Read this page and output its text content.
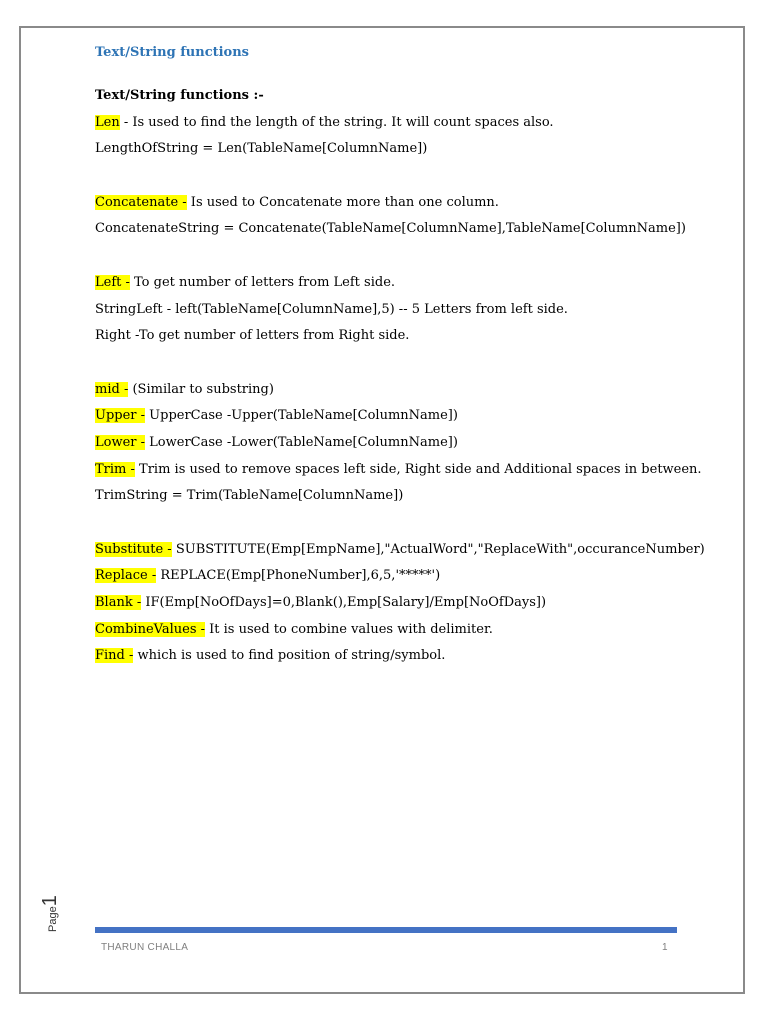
Text/String functions
Text/String functions :-
Len - Is used to find the length of the string. It will count spaces also.
LengthOfString = Len(TableName[ColumnName])
Concatenate - Is used to Concatenate more than one column.
ConcatenateString = Concatenate(TableName[ColumnName],TableName[ColumnName])
Left - To get number of letters from Left side.
StringLeft - left(TableName[ColumnName],5) -- 5 Letters from left side.
Right -To get number of letters from Right side.
mid - (Similar to substring)
Upper - UpperCase -Upper(TableName[ColumnName])
Lower - LowerCase -Lower(TableName[ColumnName])
Trim - Trim is used to remove spaces left side, Right side and Additional spaces in between.
TrimString = Trim(TableName[ColumnName])
Substitute - SUBSTITUTE(Emp[EmpName],"ActualWord","ReplaceWith",occuranceNumber)
Replace - REPLACE(Emp[PhoneNumber],6,5,'*****')
Blank - IF(Emp[NoOfDays]=0,Blank(),Emp[Salary]/Emp[NoOfDays])
CombineValues - It is used to combine values with delimiter.
Find - which is used to find position of string/symbol.
Page1
THARUN CHALLA	1
